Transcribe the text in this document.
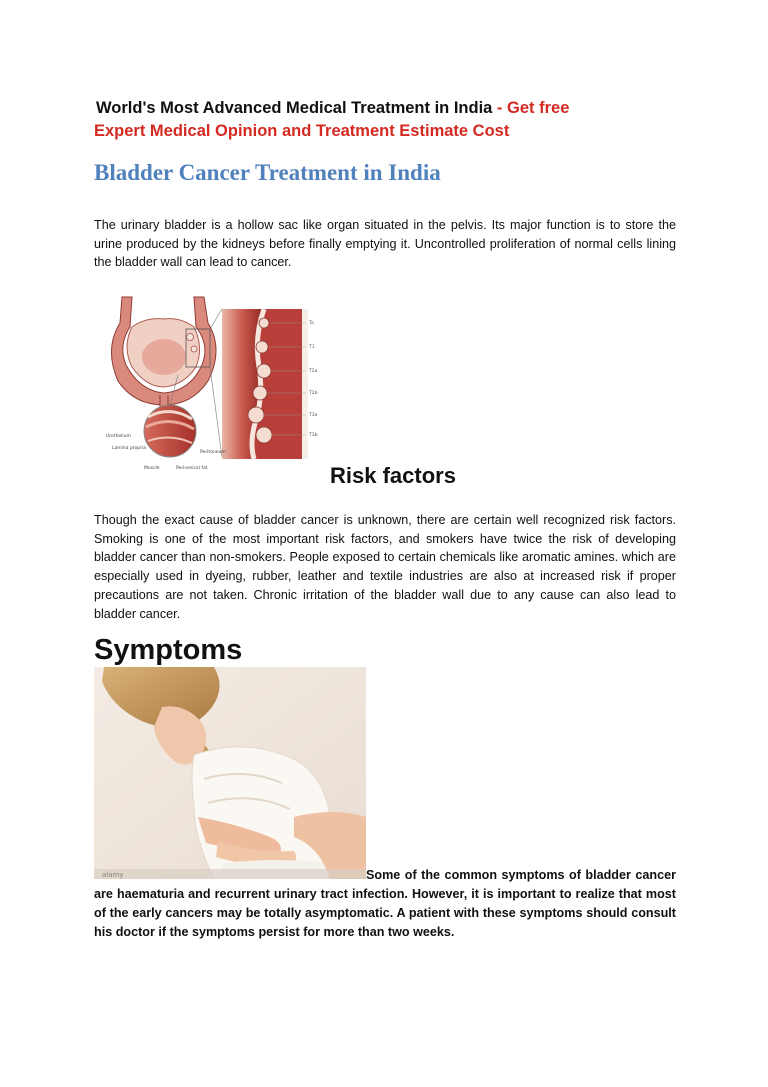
World's Most Advanced Medical Treatment in India - Get free
Expert Medical Opinion and Treatment Estimate Cost
Bladder Cancer Treatment in India

The urinary bladder is a hollow sac like organ situated in the pelvis. Its major function is to store the urine produced by the kidneys before finally emptying it. Uncontrolled proliferation of normal cells lining the bladder wall can lead to cancer.

Ta
T1
T2a
T2b
T3a
T3b
Urothelium
Lamina propria
Muscle	Perivesical fat
Peritoneum
Risk factors

Though the exact cause of bladder cancer is unknown, there are certain well recognized risk factors. Smoking is one of the most important risk factors, and smokers have twice the risk of developing bladder cancer than non-smokers. People exposed to certain chemicals like aromatic amines. which are especially used in dyeing, rubber, leather and textile industries are also at increased risk if proper precautions are not taken. Chronic irritation of the bladder wall due to any cause can also lead to bladder cancer.

Symptoms
alamy	Some of the common symptoms of bladder cancer are haematuria and recurrent urinary tract infection. However, it is important to realize that most of the early cancers may be totally asymptomatic. A patient with these symptoms should consult his doctor if the symptoms persist for more than two weeks.
